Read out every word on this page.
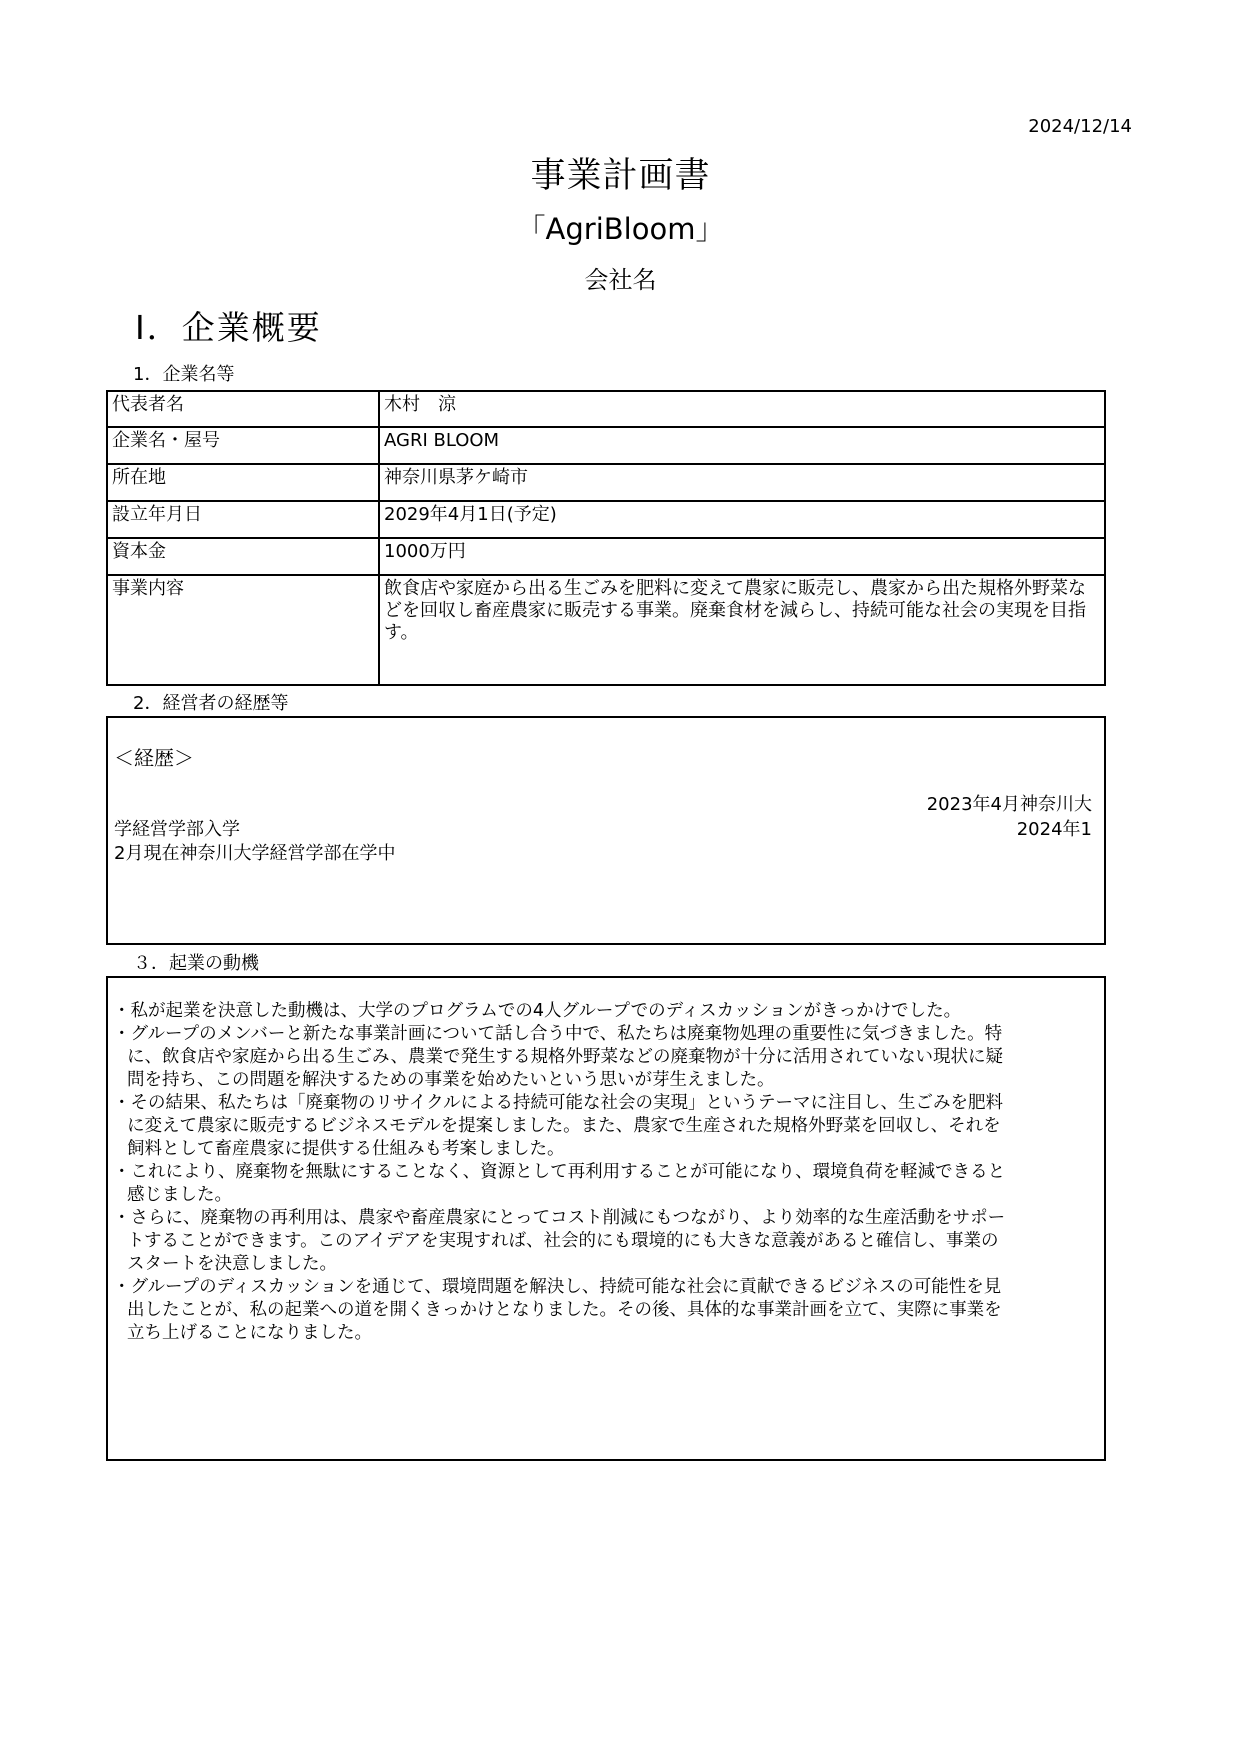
2024/12/14
事業計画書
「AgriBloom」
会社名
Ⅰ．企業概要
1．企業名等
代表者名	木村　涼
企業名・屋号	AGRI BLOOM
所在地	神奈川県茅ケ崎市
設立年月日	2029年4月1日(予定)
資本金	1000万円
事業内容	飲食店や家庭から出る生ごみを肥料に変えて農家に販売し、農家から出た規格外野菜などを回収し畜産農家に販売する事業。廃棄食材を減らし、持続可能な社会の実現を目指す。
2．経営者の経歴等
＜経歴＞
2023年4月神奈川大
2024年1
学経営学部入学
2月現在神奈川大学経営学部在学中
３．起業の動機

・私が起業を決意した動機は、大学のプログラムでの4人グループでのディスカッションがきっかけでした。

・グループのメンバーと新たな事業計画について話し合う中で、私たちは廃棄物処理の重要性に気づきました。特に、飲食店や家庭から出る生ごみ、農業で発生する規格外野菜などの廃棄物が十分に活用されていない現状に疑問を持ち、この問題を解決するための事業を始めたいという思いが芽生えました。

・その結果、私たちは「廃棄物のリサイクルによる持続可能な社会の実現」というテーマに注目し、生ごみを肥料に変えて農家に販売するビジネスモデルを提案しました。また、農家で生産された規格外野菜を回収し、それを飼料として畜産農家に提供する仕組みも考案しました。

・これにより、廃棄物を無駄にすることなく、資源として再利用することが可能になり、環境負荷を軽減できると感じました。

・さらに、廃棄物の再利用は、農家や畜産農家にとってコスト削減にもつながり、より効率的な生産活動をサポートすることができます。このアイデアを実現すれば、社会的にも環境的にも大きな意義があると確信し、事業のスタートを決意しました。

・グループのディスカッションを通じて、環境問題を解決し、持続可能な社会に貢献できるビジネスの可能性を見出したことが、私の起業への道を開くきっかけとなりました。その後、具体的な事業計画を立て、実際に事業を立ち上げることになりました。
